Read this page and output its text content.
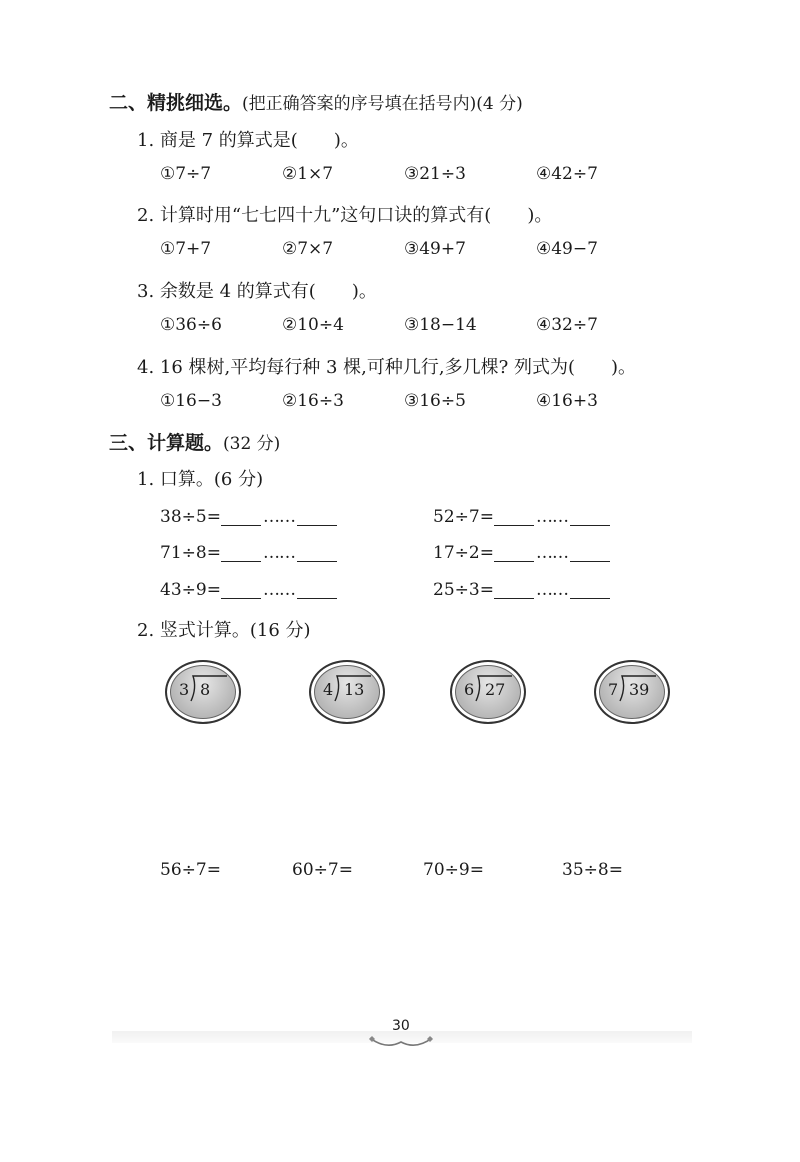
二、精挑细选。(把正确答案的序号填在括号内)(4 分)
1. 商是 7 的算式是(　　)。
①7÷7	②1×7	③21÷3	④42÷7
2. 计算时用“七七四十九”这句口诀的算式有(　　)。
①7+7	②7×7	③49+7	④49−7
3. 余数是 4 的算式有(　　)。
①36÷6	②10÷4	③18−14	④32÷7
4. 16 棵树,平均每行种 3 棵,可种几行,多几棵? 列式为(　　)。
①16−3	②16÷3	③16÷5	④16+3
三、计算题。(32 分)
1. 口算。(6 分)
38÷5= ……	52÷7= ……
71÷8= ……	17÷2= ……
43÷9= ……	25÷3= ……
2. 竖式计算。(16 分)
3 8	4 13	6 27	7 39
56÷7=	60÷7=	70÷9=	35÷8=
30
